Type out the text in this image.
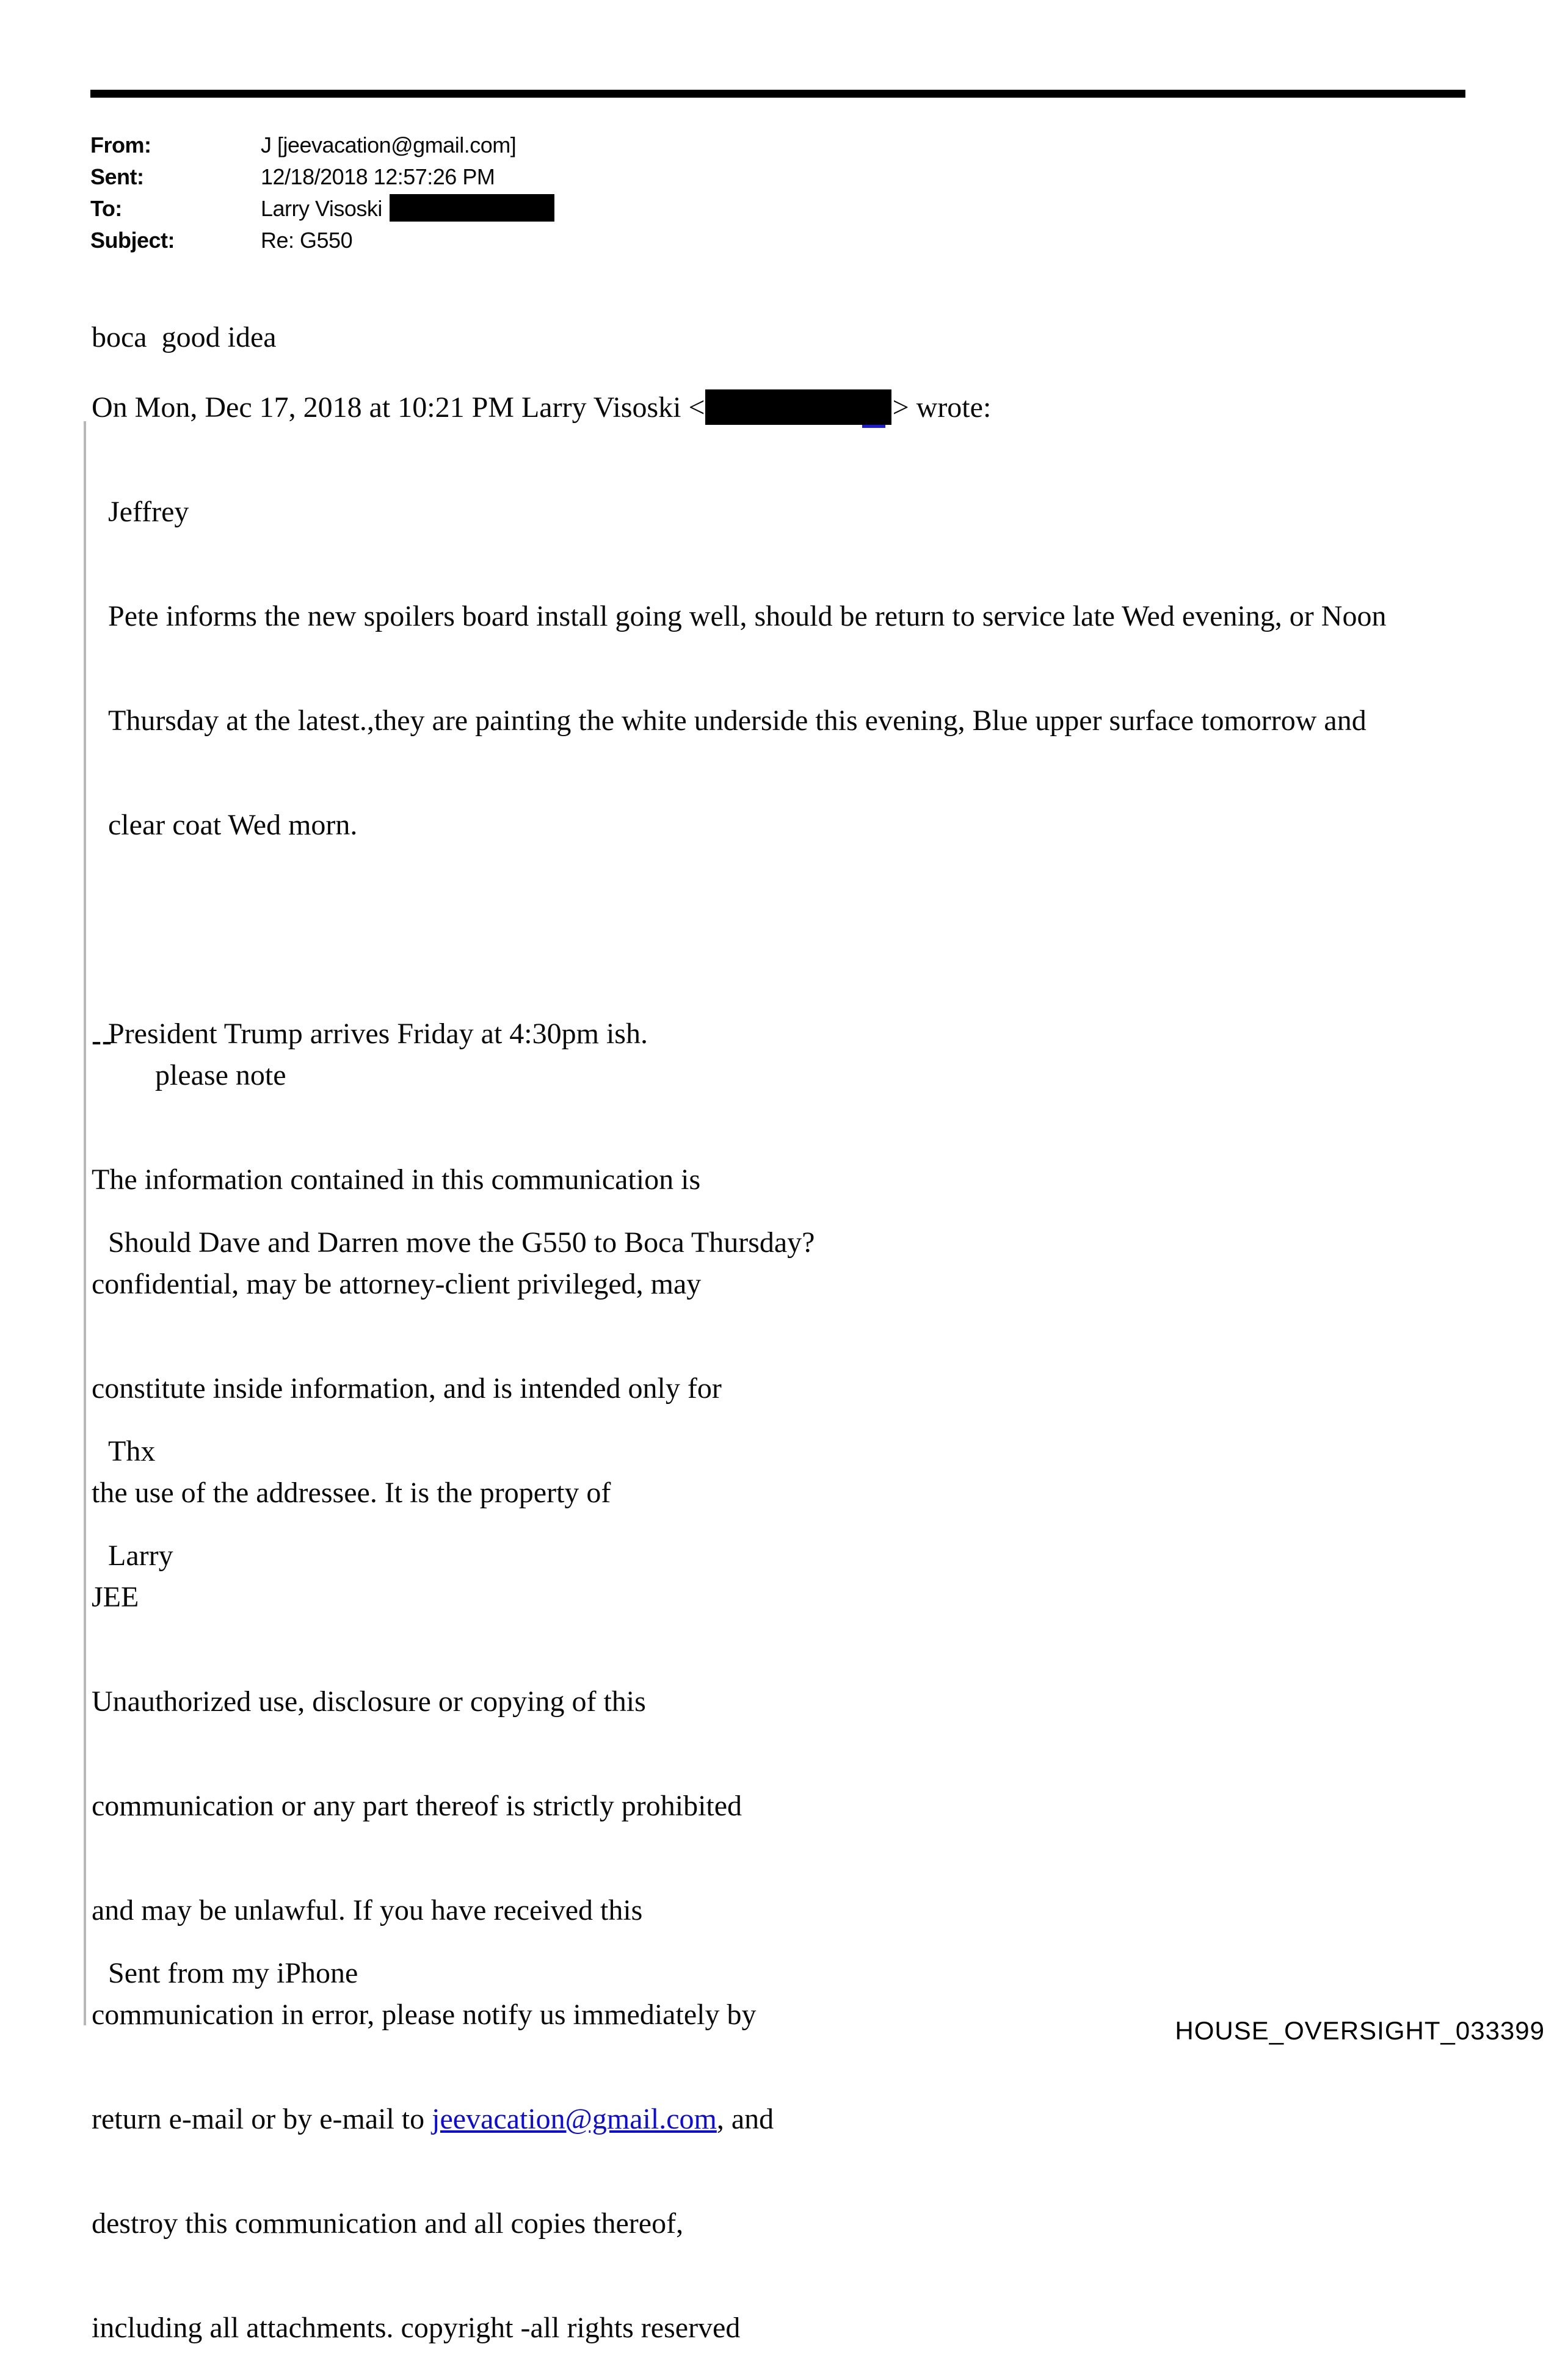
From:	J [jeevacation@gmail.com]
Sent:	12/18/2018 12:57:26 PM
To:	Larry Visoski
Subject:	Re: G550
boca  good idea
On Mon, Dec 17, 2018 at 10:21 PM Larry Visoski <	> wrote:

Jeffrey

Pete informs the new spoilers board install going well, should be return to service late Wed evening, or Noon

Thursday at the latest.,they are painting the white underside this evening, Blue upper surface tomorrow and

clear coat Wed morn.

President Trump arrives Friday at 4:30pm ish.

Should Dave and Darren move the G550 to Boca Thursday?

Thx

Larry

Sent from my iPhone

--
please note

The information contained in this communication is

confidential, may be attorney-client privileged, may

constitute inside information, and is intended only for

the use of the addressee. It is the property of

JEE

Unauthorized use, disclosure or copying of this

communication or any part thereof is strictly prohibited

and may be unlawful. If you have received this

communication in error, please notify us immediately by

return e-mail or by e-mail to jeevacation@gmail.com, and

destroy this communication and all copies thereof,

including all attachments. copyright -all rights reserved

HOUSE_OVERSIGHT_033399
